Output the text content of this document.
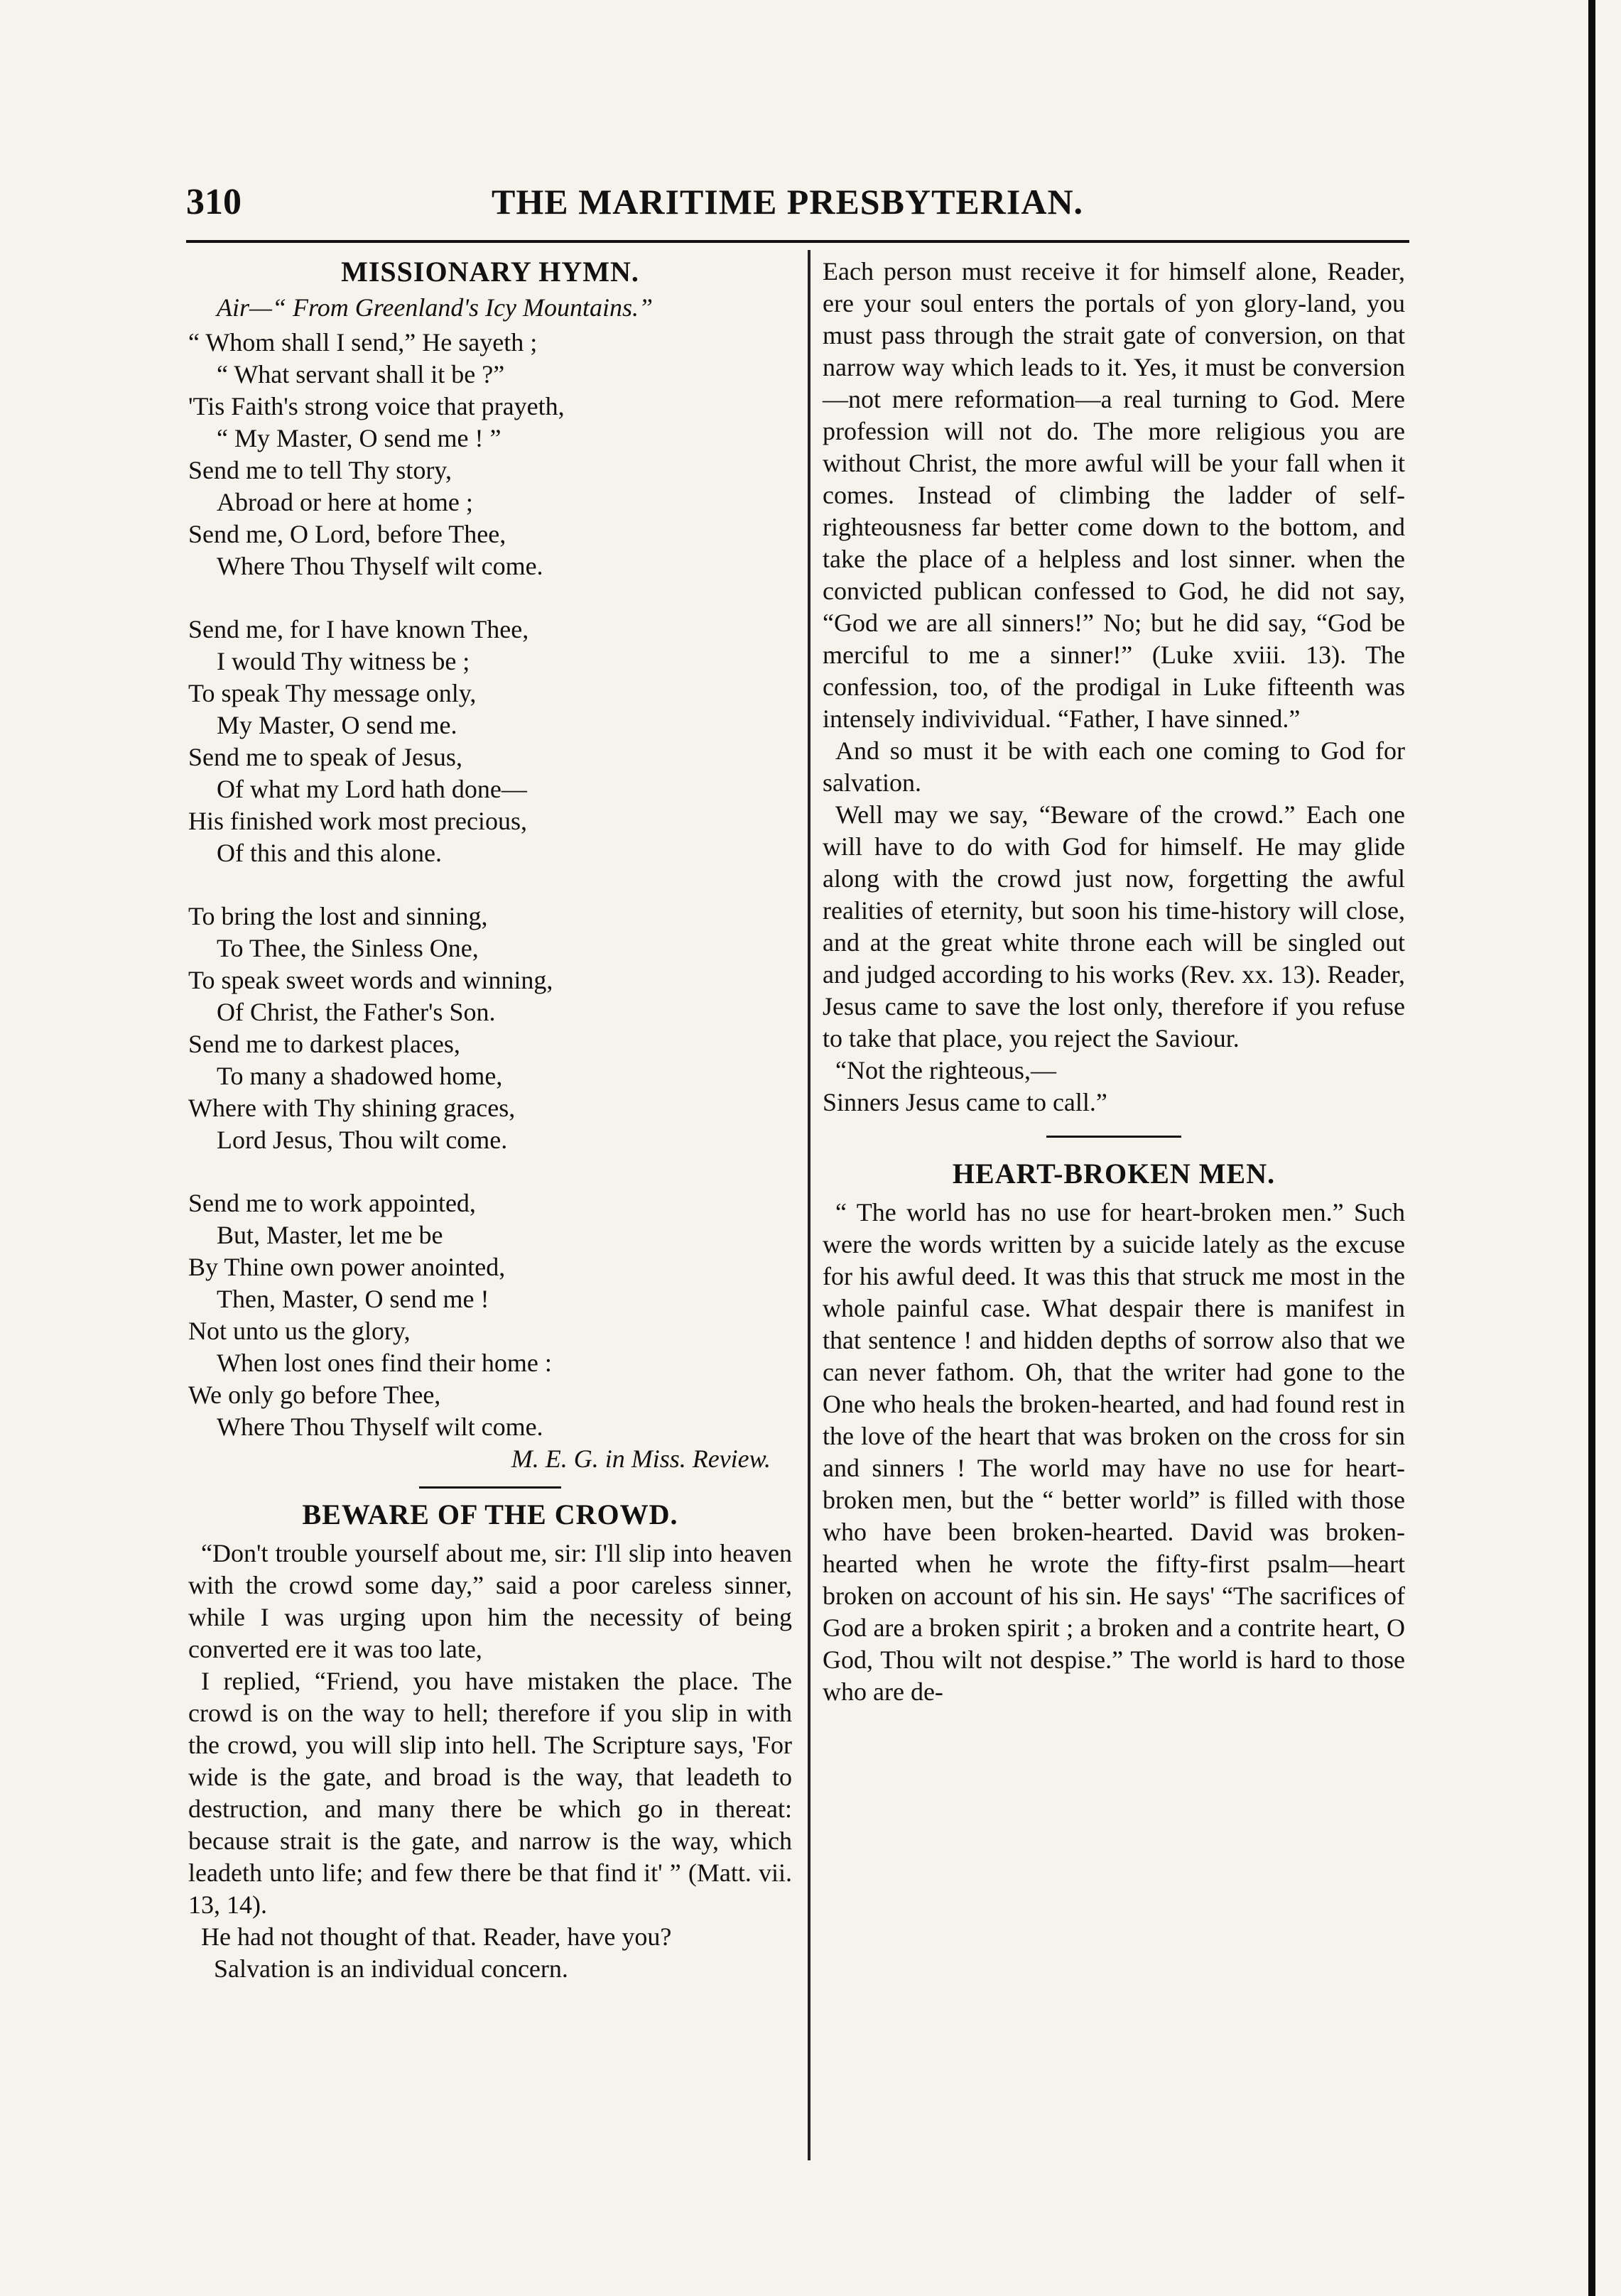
310	THE MARITIME PRESBYTERIAN.
MISSIONARY HYMN.
Air—“ From Greenland's Icy Mountains.”
“ Whom shall I send,” He sayeth ;
“ What servant shall it be ?”
'Tis Faith's strong voice that prayeth,
“ My Master, O send me ! ”
Send me to tell Thy story,
Abroad or here at home ;
Send me, O Lord, before Thee,
Where Thou Thyself wilt come.
Send me, for I have known Thee,
I would Thy witness be ;
To speak Thy message only,
My Master, O send me.
Send me to speak of Jesus,
Of what my Lord hath done—
His finished work most precious,
Of this and this alone.
To bring the lost and sinning,
To Thee, the Sinless One,
To speak sweet words and winning,
Of Christ, the Father's Son.
Send me to darkest places,
To many a shadowed home,
Where with Thy shining graces,
Lord Jesus, Thou wilt come.
Send me to work appointed,
But, Master, let me be
By Thine own power anointed,
Then, Master, O send me !
Not unto us the glory,
When lost ones find their home :
We only go before Thee,
Where Thou Thyself wilt come.
M. E. G. in Miss. Review.
BEWARE OF THE CROWD.

“Don't trouble yourself about me, sir: I'll slip into heaven with the crowd some day,” said a poor careless sinner, while I was urging upon him the necessity of being converted ere it was too late,

I replied, “Friend, you have mistaken the place. The crowd is on the way to hell; therefore if you slip in with the crowd, you will slip into hell. The Scripture says, 'For wide is the gate, and broad is the way, that leadeth to destruction, and many there be which go in thereat: because strait is the gate, and narrow is the way, which leadeth unto life; and few there be that find it' ” (Matt. vii. 13, 14).

He had not thought of that. Reader, have you?

Salvation is an individual concern.

Each person must receive it for himself alone, Reader, ere your soul enters the portals of yon glory-land, you must pass through the strait gate of conversion, on that narrow way which leads to it. Yes, it must be conversion—not mere reformation—a real turning to God. Mere profession will not do. The more religious you are without Christ, the more awful will be your fall when it comes. Instead of climbing the ladder of self-righteousness far better come down to the bottom, and take the place of a helpless and lost sinner. when the convicted publican confessed to God, he did not say, “God we are all sinners!” No; but he did say, “God be merciful to me a sinner!” (Luke xviii. 13). The confession, too, of the prodigal in Luke fifteenth was intensely indivividual. “Father, I have sinned.”

And so must it be with each one coming to God for salvation.

Well may we say, “Beware of the crowd.” Each one will have to do with God for himself. He may glide along with the crowd just now, forgetting the awful realities of eternity, but soon his time-history will close, and at the great white throne each will be singled out and judged according to his works (Rev. xx. 13). Reader, Jesus came to save the lost only, therefore if you refuse to take that place, you reject the Saviour.

“Not the righteous,—
Sinners Jesus came to call.”
HEART-BROKEN MEN.

“ The world has no use for heart-broken men.” Such were the words written by a suicide lately as the excuse for his awful deed. It was this that struck me most in the whole painful case. What despair there is manifest in that sentence ! and hidden depths of sorrow also that we can never fathom. Oh, that the writer had gone to the One who heals the broken-hearted, and had found rest in the love of the heart that was broken on the cross for sin and sinners ! The world may have no use for heart-broken men, but the “ better world” is filled with those who have been broken-hearted. David was broken-hearted when he wrote the fifty-first psalm—heart broken on account of his sin. He says' “The sacrifices of God are a broken spirit ; a broken and a contrite heart, O God, Thou wilt not despise.” The world is hard to those who are de-
